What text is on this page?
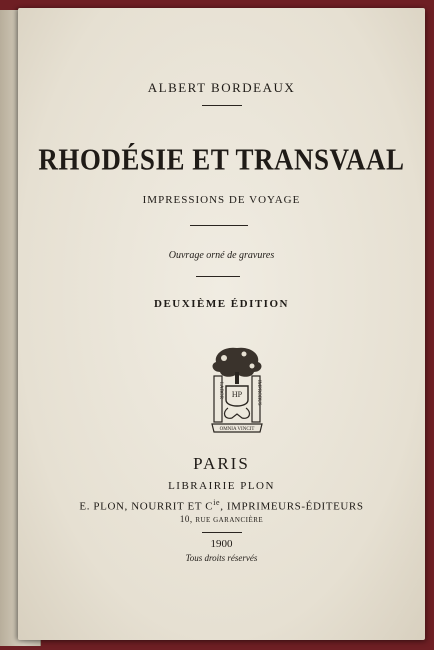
ALBERT BORDEAUX
RHODÉSIE ET TRANSVAAL
IMPRESSIONS DE VOYAGE
Ouvrage orné de gravures
DEUXIÈME ÉDITION
HP
LABOR	IMPROBUS
OMNIA VINCIT
PARIS
LIBRAIRIE PLON
E. PLON, NOURRIT ET $C^{ie}$, IMPRIMEURS-ÉDITEURS
10, RUE GARANCIÈRE
1900
Tous droits réservés
